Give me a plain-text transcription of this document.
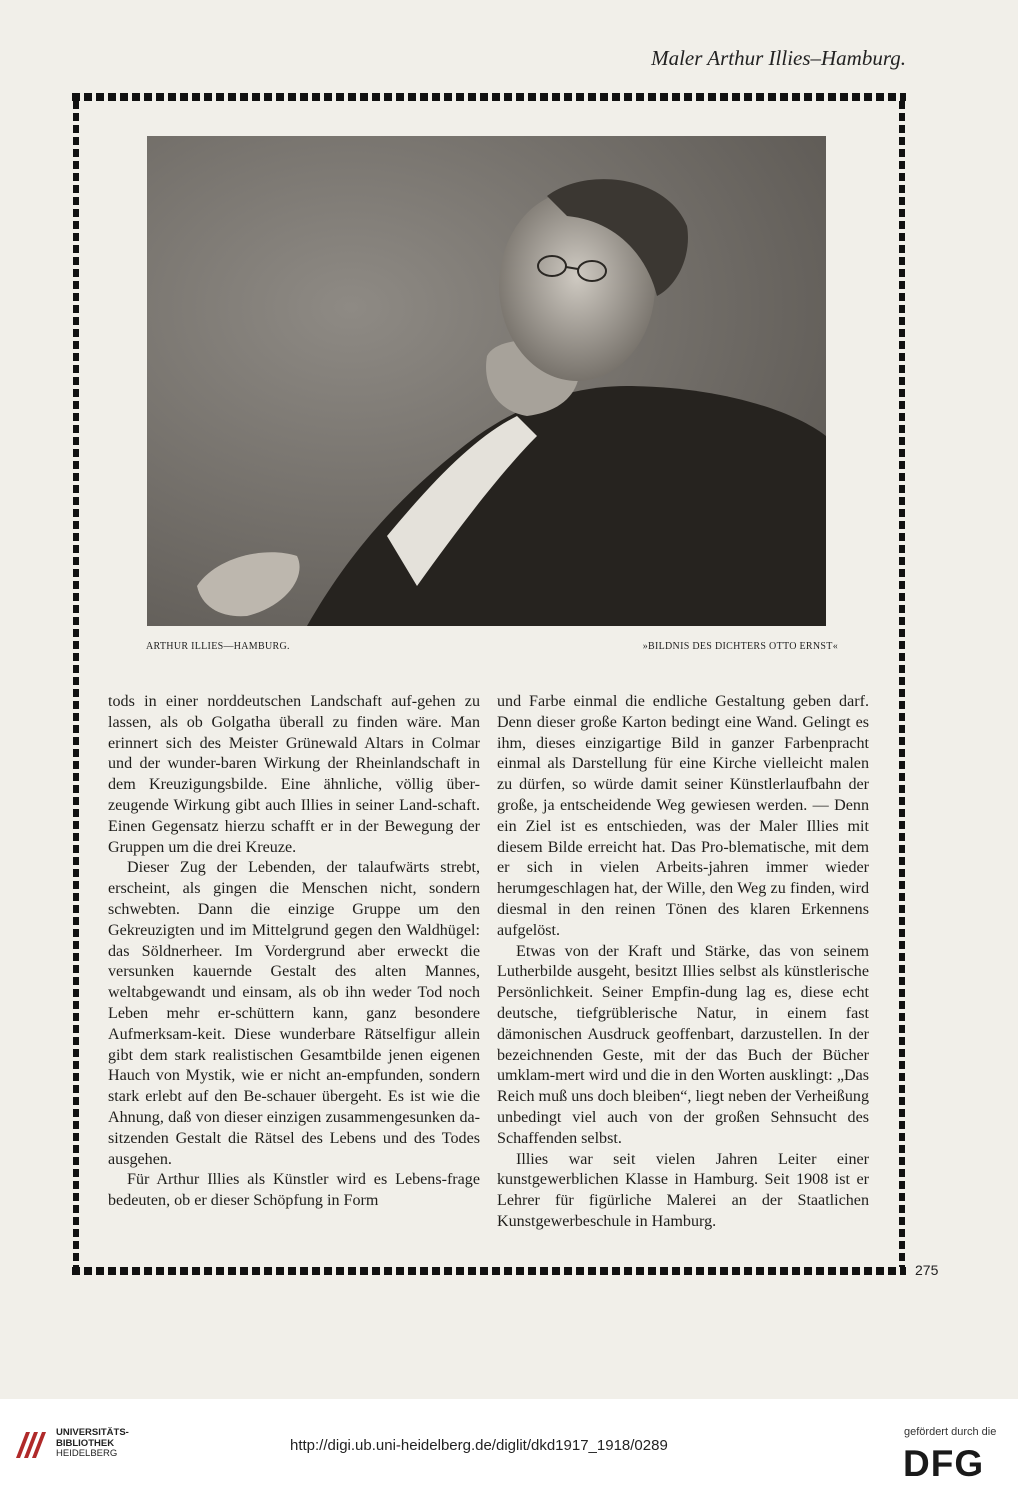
Maler Arthur Illies–Hamburg.
ARTHUR ILLIES—HAMBURG.	»BILDNIS DES DICHTERS OTTO ERNST«

tods in einer norddeutschen Landschaft auf-gehen zu lassen, als ob Golgatha überall zu finden wäre. Man erinnert sich des Meister Grünewald Altars in Colmar und der wunder-baren Wirkung der Rheinlandschaft in dem Kreuzigungsbilde. Eine ähnliche, völlig über-zeugende Wirkung gibt auch Illies in seiner Land-schaft. Einen Gegensatz hierzu schafft er in der Bewegung der Gruppen um die drei Kreuze.

Dieser Zug der Lebenden, der talaufwärts strebt, erscheint, als gingen die Menschen nicht, sondern schwebten. Dann die einzige Gruppe um den Gekreuzigten und im Mittelgrund gegen den Waldhügel: das Söldnerheer. Im Vordergrund aber erweckt die versunken kauernde Gestalt des alten Mannes, weltabgewandt und einsam, als ob ihn weder Tod noch Leben mehr er-schüttern kann, ganz besondere Aufmerksam-keit. Diese wunderbare Rätselfigur allein gibt dem stark realistischen Gesamtbilde jenen eigenen Hauch von Mystik, wie er nicht an-empfunden, sondern stark erlebt auf den Be-schauer übergeht. Es ist wie die Ahnung, daß von dieser einzigen zusammengesunken da-sitzenden Gestalt die Rätsel des Lebens und des Todes ausgehen.

Für Arthur Illies als Künstler wird es Lebens-frage bedeuten, ob er dieser Schöpfung in Form

und Farbe einmal die endliche Gestaltung geben darf. Denn dieser große Karton bedingt eine Wand. Gelingt es ihm, dieses einzigartige Bild in ganzer Farbenpracht einmal als Darstellung für eine Kirche vielleicht malen zu dürfen, so würde damit seiner Künstlerlaufbahn der große, ja entscheidende Weg gewiesen werden. — Denn ein Ziel ist es entschieden, was der Maler Illies mit diesem Bilde erreicht hat. Das Pro-blematische, mit dem er sich in vielen Arbeits-jahren immer wieder herumgeschlagen hat, der Wille, den Weg zu finden, wird diesmal in den reinen Tönen des klaren Erkennens aufgelöst.

Etwas von der Kraft und Stärke, das von seinem Lutherbilde ausgeht, besitzt Illies selbst als künstlerische Persönlichkeit. Seiner Empfin-dung lag es, diese echt deutsche, tiefgrüblerische Natur, in einem fast dämonischen Ausdruck geoffenbart, darzustellen. In der bezeichnenden Geste, mit der das Buch der Bücher umklam-mert wird und die in den Worten ausklingt: „Das Reich muß uns doch bleiben“, liegt neben der Verheißung unbedingt viel auch von der großen Sehnsucht des Schaffenden selbst.

Illies war seit vielen Jahren Leiter einer kunstgewerblichen Klasse in Hamburg. Seit 1908 ist er Lehrer für figürliche Malerei an der Staatlichen Kunstgewerbeschule in Hamburg.

275
UNIVERSITÄTS-
BIBLIOTHEK
HEIDELBERG	http://digi.ub.uni-heidelberg.de/diglit/dkd1917_1918/0289
gefördert durch die
DFG
